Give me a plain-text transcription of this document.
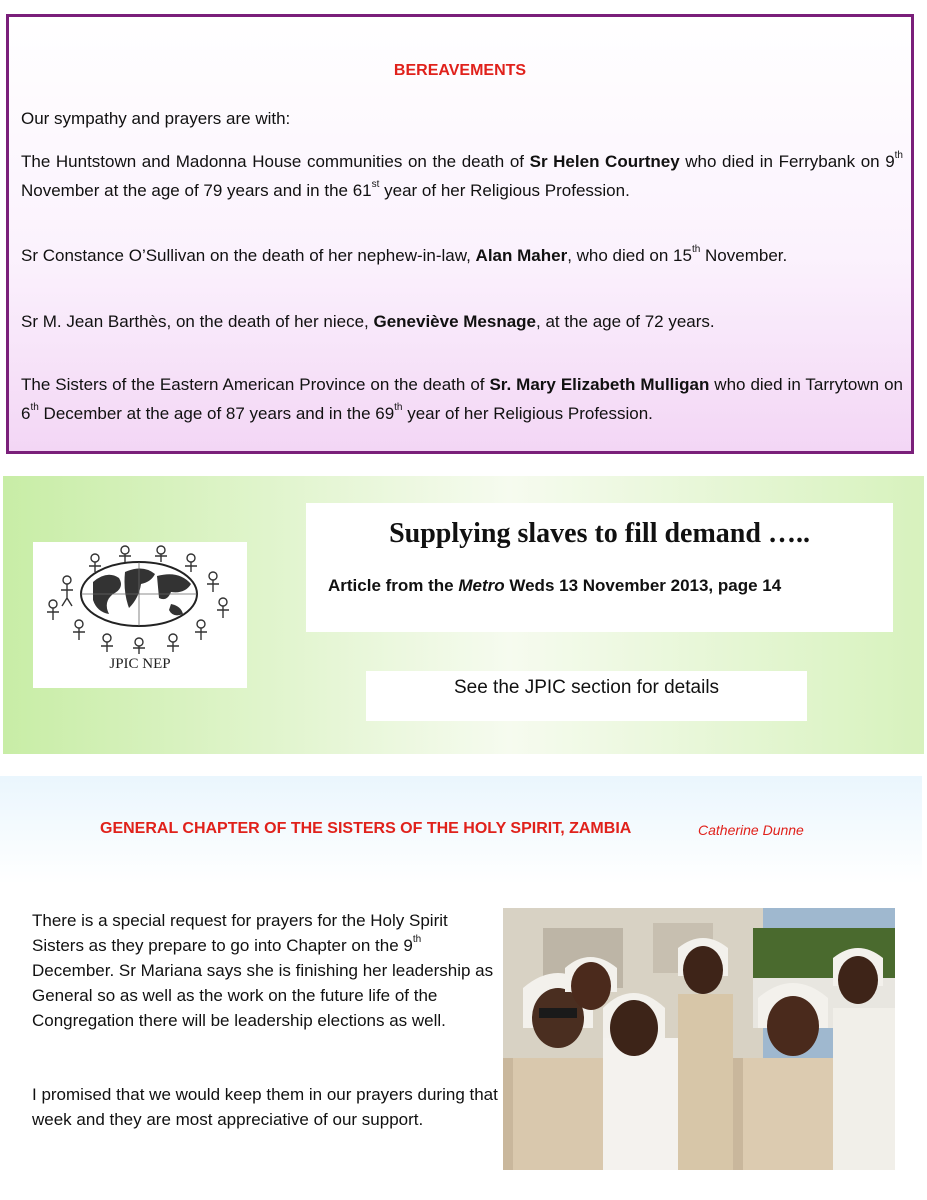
BEREAVEMENTS

Our sympathy and prayers are with:

The Huntstown and Madonna House communities on the death of Sr Helen Courtney who died in Ferrybank on 9th November at the age of 79 years and in the 61st year of her Religious Profession.

Sr Constance O’Sullivan on the death of her nephew-in-law, Alan Maher, who died on 15th November.

Sr M. Jean Barthès, on the death of her niece, Geneviève Mesnage, at the age of 72 years.

The Sisters of the Eastern American Province on the death of Sr. Mary Elizabeth Mulligan who died in Tarrytown on 6th December at the age of 87 years and in the 69th year of her Religious Profession.

JPIC NEP
Supplying slaves to fill demand …..
Article from the Metro Weds 13 November 2013, page 14
See the JPIC section for details
GENERAL CHAPTER OF THE SISTERS OF THE HOLY SPIRIT, ZAMBIA	Catherine Dunne

There is a special request for prayers for the Holy Spirit Sisters as they prepare to go into Chapter on the 9th December. Sr Mariana says she is finishing her leadership as General so as well as the work on the future life of the Congregation there will be leadership elections as well.

I promised that we would keep them in our prayers during that week and they are most appreciative of our support.
